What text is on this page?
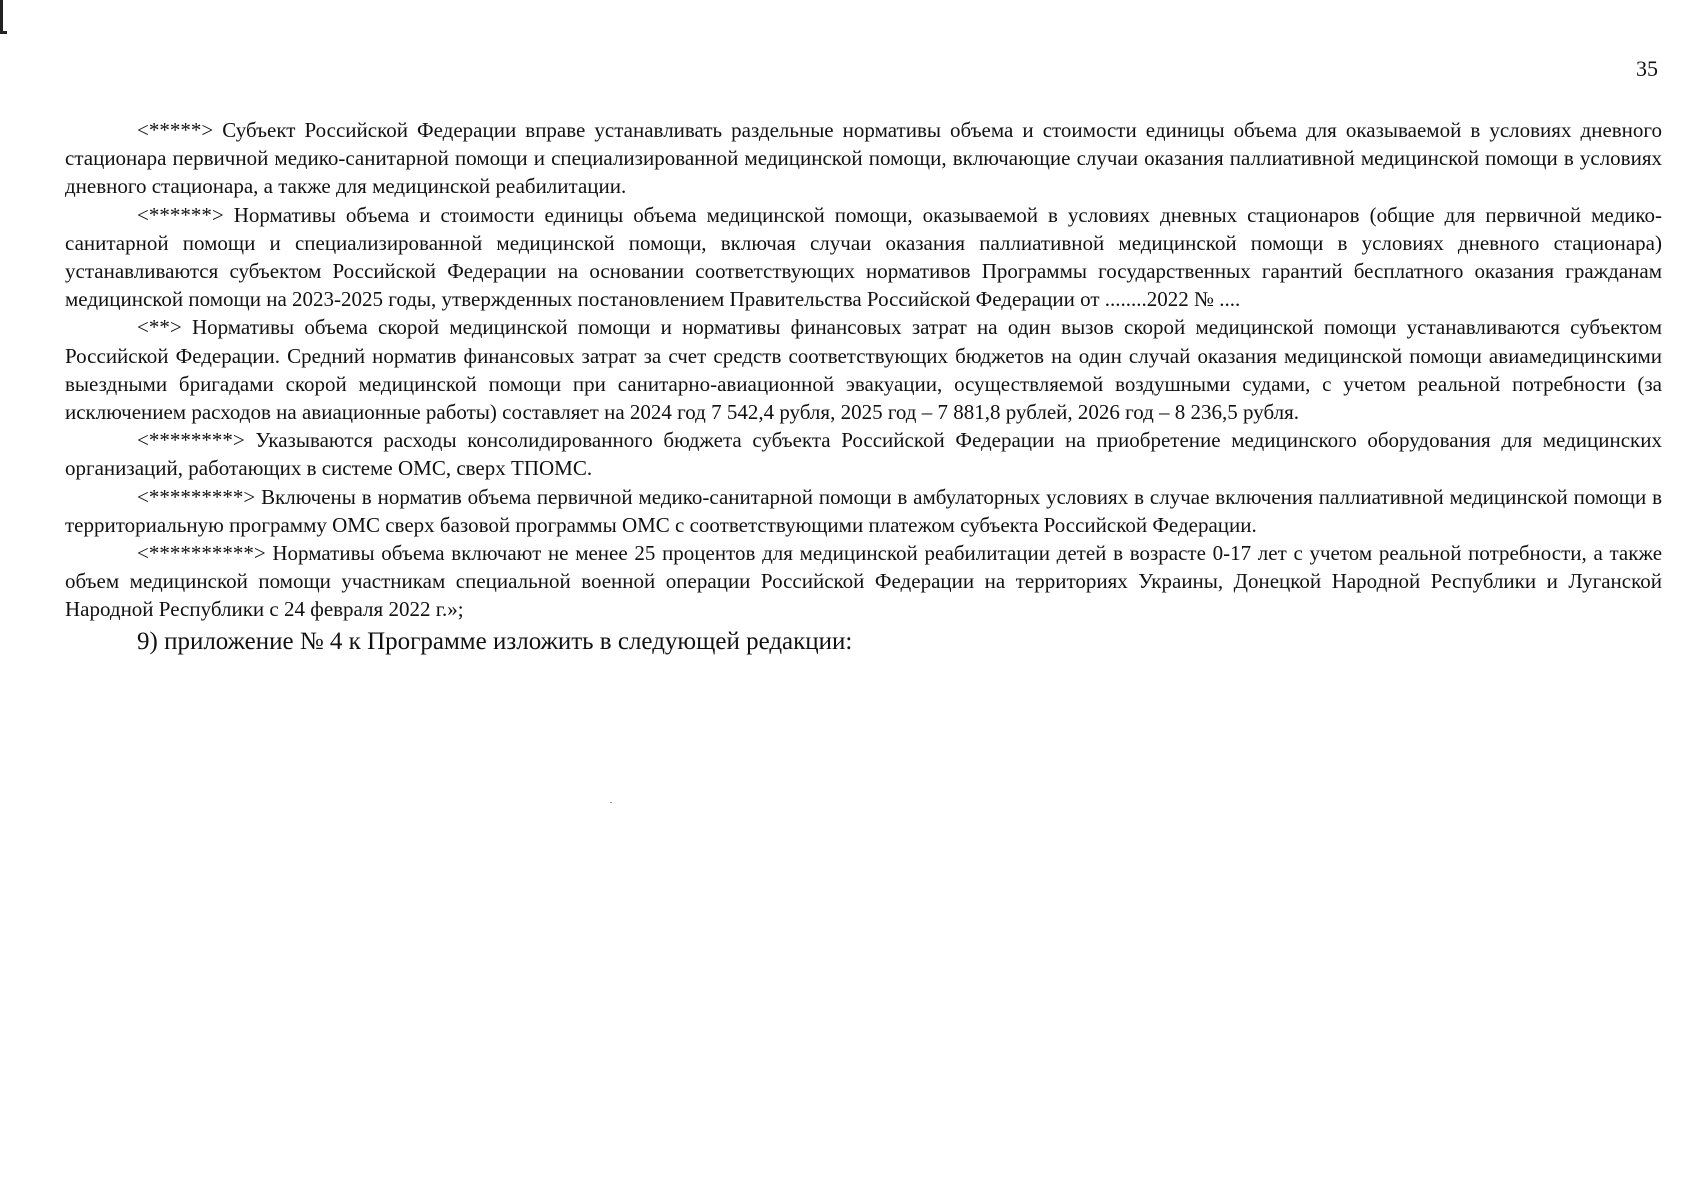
35

<*****> Субъект Российской Федерации вправе устанавливать раздельные нормативы объема и стоимости единицы объема для оказываемой в условиях дневного стационара первичной медико-санитарной помощи и специализированной медицинской помощи, включающие случаи оказания паллиативной медицинской помощи в условиях дневного стационара, а также для медицинской реабилитации.

<******> Нормативы объема и стоимости единицы объема медицинской помощи, оказываемой в условиях дневных стационаров (общие для первичной медико-санитарной помощи и специализированной медицинской помощи, включая случаи оказания паллиативной медицинской помощи в условиях дневного стационара) устанавливаются субъектом Российской Федерации на основании соответствующих нормативов Программы государственных гарантий бесплатного оказания гражданам медицинской помощи на 2023-2025 годы, утвержденных постановлением Правительства Российской Федерации от ........2022 № ....

<**> Нормативы объема скорой медицинской помощи и нормативы финансовых затрат на один вызов скорой медицинской помощи устанавливаются субъектом Российской Федерации. Средний норматив финансовых затрат за счет средств соответствующих бюджетов на один случай оказания медицинской помощи авиамедицинскими выездными бригадами скорой медицинской помощи при санитарно-авиационной эвакуации, осуществляемой воздушными судами, с учетом реальной потребности (за исключением расходов на авиационные работы) составляет на 2024 год 7 542,4 рубля, 2025 год – 7 881,8 рублей, 2026 год – 8 236,5 рубля.

<********> Указываются расходы консолидированного бюджета субъекта Российской Федерации на приобретение медицинского оборудования для медицинских организаций, работающих в системе ОМС, сверх ТПОМС.

<*********> Включены в норматив объема первичной медико-санитарной помощи в амбулаторных условиях в случае включения паллиативной медицинской помощи в территориальную программу ОМС сверх базовой программы ОМС с соответствующими платежом субъекта Российской Федерации.

<**********> Нормативы объема включают не менее 25 процентов для медицинской реабилитации детей в возрасте 0-17 лет с учетом реальной потребности, а также объем медицинской помощи участникам специальной военной операции Российской Федерации на территориях Украины, Донецкой Народной Республики и Луганской Народной Республики с 24 февраля 2022 г.»;

9) приложение № 4 к Программе изложить в следующей редакции:
